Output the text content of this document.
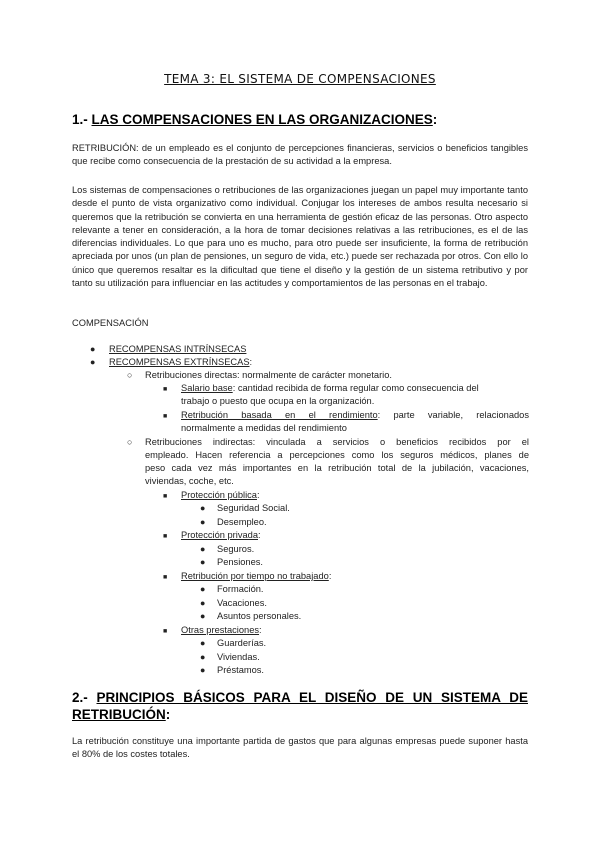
TEMA 3: EL SISTEMA DE COMPENSACIONES
1.- LAS COMPENSACIONES EN LAS ORGANIZACIONES:
RETRIBUCIÓN: de un empleado es el conjunto de percepciones financieras, servicios o beneficios tangibles que recibe como consecuencia de la prestación de su actividad a la empresa.
Los sistemas de compensaciones o retribuciones de las organizaciones juegan un papel muy importante tanto desde el punto de vista organizativo como individual. Conjugar los intereses de ambos resulta necesario si queremos que la retribución se convierta en una herramienta de gestión eficaz de las personas. Otro aspecto relevante a tener en consideración, a la hora de tomar decisiones relativas a las retribuciones, es el de las diferencias individuales. Lo que para uno es mucho, para otro puede ser insuficiente, la forma de retribución apreciada por unos (un plan de pensiones, un seguro de vida, etc.) puede ser rechazada por otros. Con ello lo único que queremos resaltar es la dificultad que tiene el diseño y la gestión de un sistema retributivo y por tanto su utilización para influenciar en las actitudes y comportamientos de las personas en el trabajo.
COMPENSACIÓN
● RECOMPENSAS INTRÍNSECAS
● RECOMPENSAS EXTRÍNSECAS:
○ Retribuciones directas: normalmente de carácter monetario.
■ Salario base: cantidad recibida de forma regular como consecuencia del
trabajo o puesto que ocupa en la organización.
■ Retribución basada en el rendimiento: parte variable, relacionados
normalmente a medidas del rendimiento
○ Retribuciones indirectas: vinculada a servicios o beneficios recibidos por el
empleado. Hacen referencia a percepciones como los seguros médicos, planes de
peso cada vez más importantes en la retribución total de la jubilación, vacaciones,
viviendas, coche, etc.
■ Protección pública:
● Seguridad Social.
● Desempleo.
■ Protección privada:
● Seguros.
● Pensiones.
■ Retribución por tiempo no trabajado:
● Formación.
● Vacaciones.
● Asuntos personales.
■ Otras prestaciones:
● Guarderías.
● Viviendas.
● Préstamos.
2.- PRINCIPIOS BÁSICOS PARA EL DISEÑO DE UN SISTEMA DE
RETRIBUCIÓN:
La retribución constituye una importante partida de gastos que para algunas empresas puede suponer hasta el 80% de los costes totales.
